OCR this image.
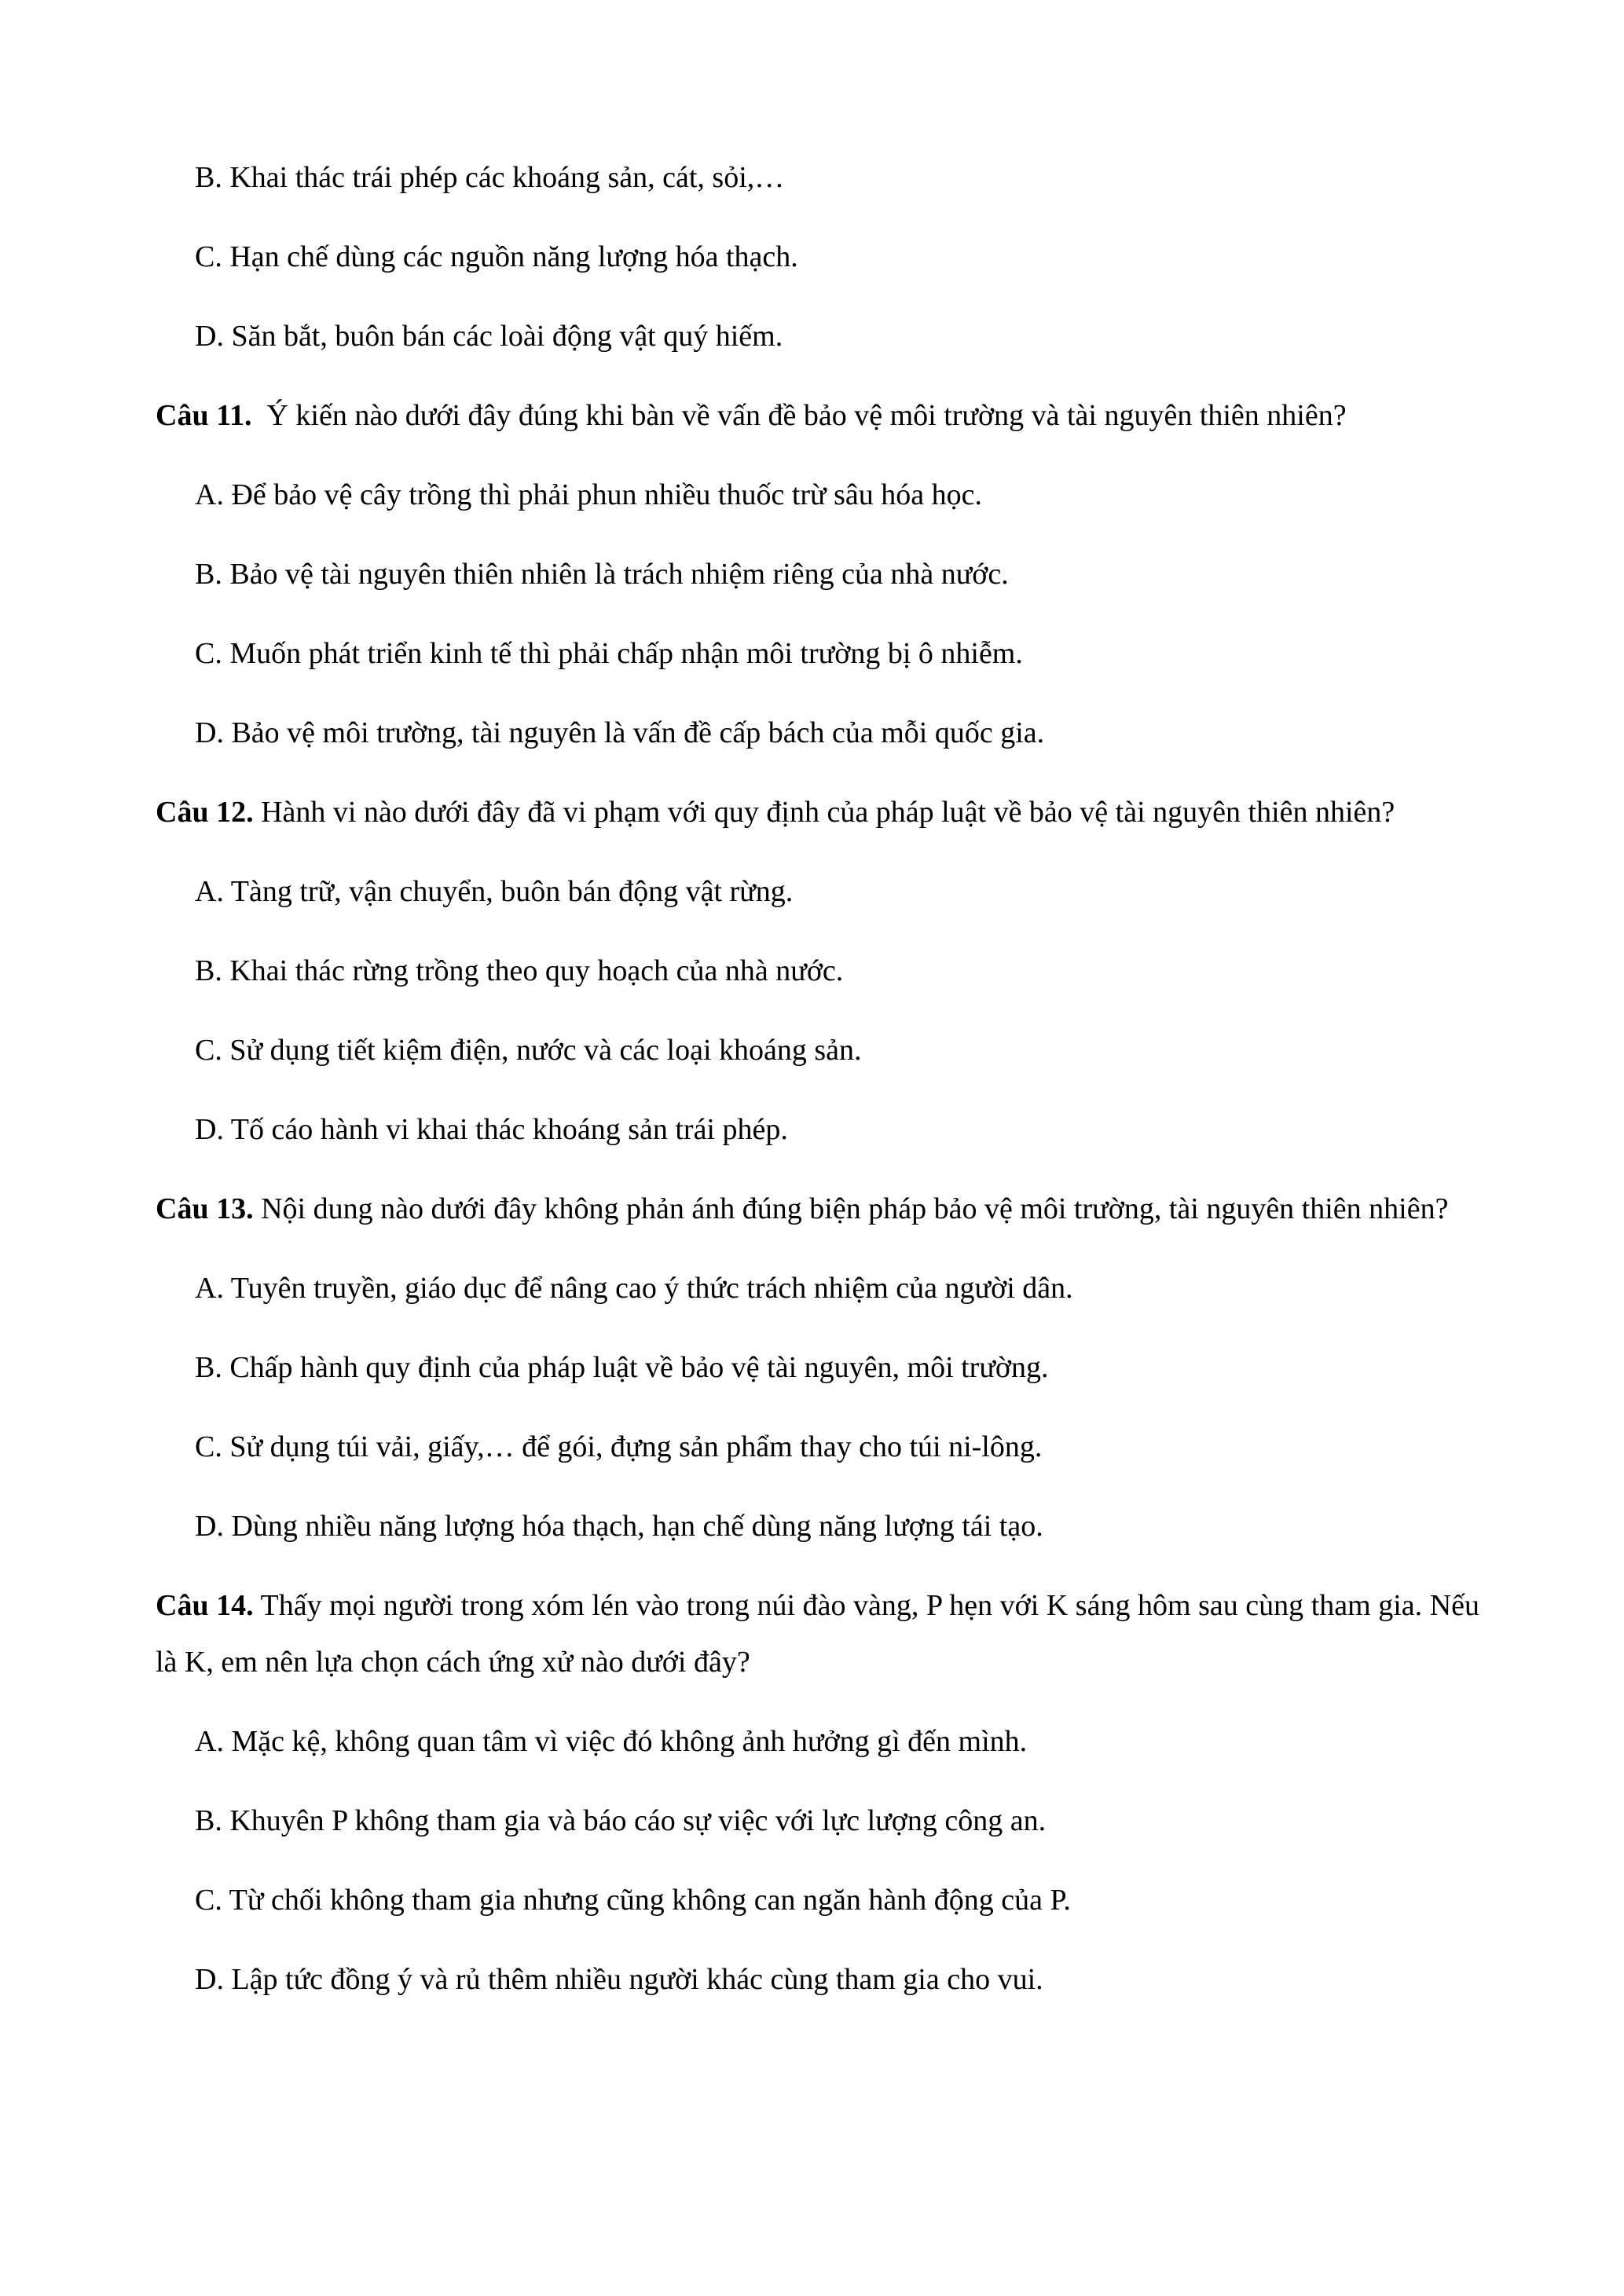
B. Khai thác trái phép các khoáng sản, cát, sỏi,…
C. Hạn chế dùng các nguồn năng lượng hóa thạch.
D. Săn bắt, buôn bán các loài động vật quý hiếm.
Câu 11.  Ý kiến nào dưới đây đúng khi bàn về vấn đề bảo vệ môi trường và tài nguyên thiên nhiên?
A. Để bảo vệ cây trồng thì phải phun nhiều thuốc trừ sâu hóa học.
B. Bảo vệ tài nguyên thiên nhiên là trách nhiệm riêng của nhà nước.
C. Muốn phát triển kinh tế thì phải chấp nhận môi trường bị ô nhiễm.
D. Bảo vệ môi trường, tài nguyên là vấn đề cấp bách của mỗi quốc gia.
Câu 12. Hành vi nào dưới đây đã vi phạm với quy định của pháp luật về bảo vệ tài nguyên thiên nhiên?
A. Tàng trữ, vận chuyển, buôn bán động vật rừng.
B. Khai thác rừng trồng theo quy hoạch của nhà nước.
C. Sử dụng tiết kiệm điện, nước và các loại khoáng sản.
D. Tố cáo hành vi khai thác khoáng sản trái phép.
Câu 13. Nội dung nào dưới đây không phản ánh đúng biện pháp bảo vệ môi trường, tài nguyên thiên nhiên?
A. Tuyên truyền, giáo dục để nâng cao ý thức trách nhiệm của người dân.
B. Chấp hành quy định của pháp luật về bảo vệ tài nguyên, môi trường.
C. Sử dụng túi vải, giấy,… để gói, đựng sản phẩm thay cho túi ni-lông.
D. Dùng nhiều năng lượng hóa thạch, hạn chế dùng năng lượng tái tạo.
Câu 14. Thấy mọi người trong xóm lén vào trong núi đào vàng, P hẹn với K sáng hôm sau cùng tham gia. Nếu là K, em nên lựa chọn cách ứng xử nào dưới đây?
A. Mặc kệ, không quan tâm vì việc đó không ảnh hưởng gì đến mình.
B. Khuyên P không tham gia và báo cáo sự việc với lực lượng công an.
C. Từ chối không tham gia nhưng cũng không can ngăn hành động của P.
D. Lập tức đồng ý và rủ thêm nhiều người khác cùng tham gia cho vui.
